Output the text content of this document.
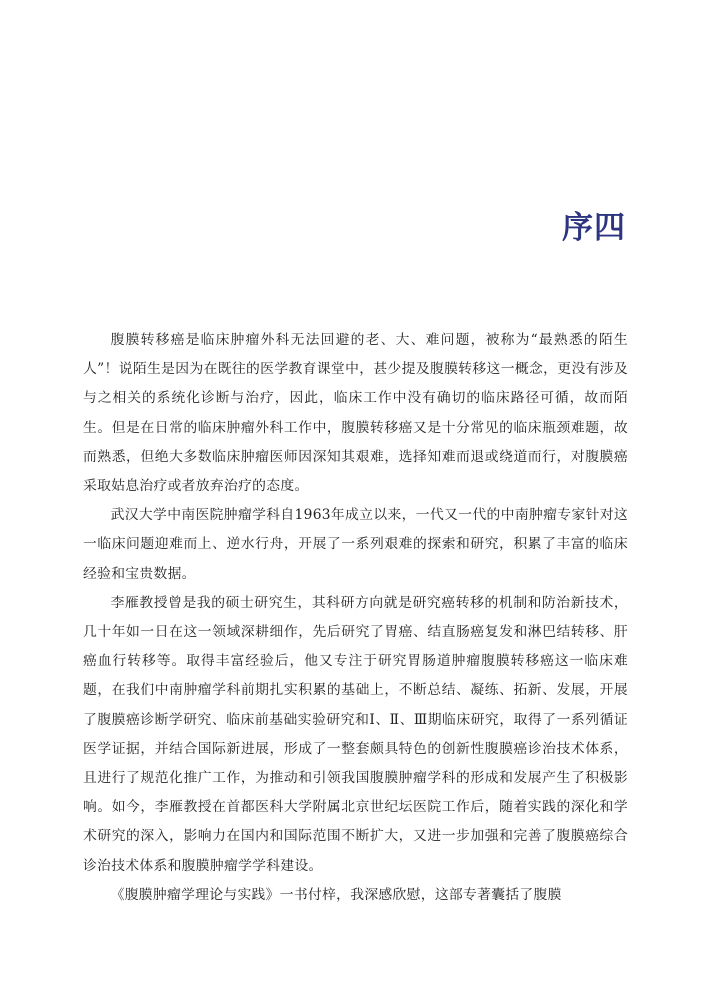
序四

腹膜转移癌是临床肿瘤外科无法回避的老、大、难问题，被称为“最熟悉的陌生人”！说陌生是因为在既往的医学教育课堂中，甚少提及腹膜转移这一概念，更没有涉及与之相关的系统化诊断与治疗，因此，临床工作中没有确切的临床路径可循，故而陌生。但是在日常的临床肿瘤外科工作中，腹膜转移癌又是十分常见的临床瓶颈难题，故而熟悉，但绝大多数临床肿瘤医师因深知其艰难，选择知难而退或绕道而行，对腹膜癌采取姑息治疗或者放弃治疗的态度。

武汉大学中南医院肿瘤学科自1963年成立以来，一代又一代的中南肿瘤专家针对这一临床问题迎难而上、逆水行舟，开展了一系列艰难的探索和研究，积累了丰富的临床经验和宝贵数据。

李雁教授曾是我的硕士研究生，其科研方向就是研究癌转移的机制和防治新技术，几十年如一日在这一领域深耕细作，先后研究了胃癌、结直肠癌复发和淋巴结转移、肝癌血行转移等。取得丰富经验后，他又专注于研究胃肠道肿瘤腹膜转移癌这一临床难题，在我们中南肿瘤学科前期扎实积累的基础上，不断总结、凝练、拓新、发展，开展了腹膜癌诊断学研究、临床前基础实验研究和Ⅰ、Ⅱ、Ⅲ期临床研究，取得了一系列循证医学证据，并结合国际新进展，形成了一整套颇具特色的创新性腹膜癌诊治技术体系，且进行了规范化推广工作，为推动和引领我国腹膜肿瘤学科的形成和发展产生了积极影响。如今，李雁教授在首都医科大学附属北京世纪坛医院工作后，随着实践的深化和学术研究的深入，影响力在国内和国际范围不断扩大，又进一步加强和完善了腹膜癌综合诊治技术体系和腹膜肿瘤学学科建设。

《腹膜肿瘤学理论与实践》一书付梓，我深感欣慰，这部专著囊括了腹膜
